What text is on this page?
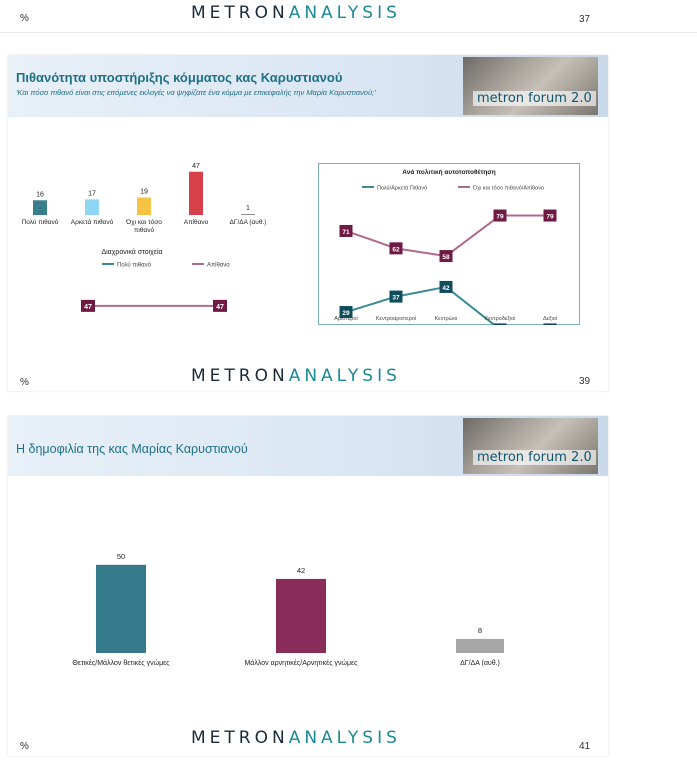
%	METRONANALYSIS	37
Πιθανότητα υποστήριξης κόμματος κας Καρυστιανού
'Και πόσο πιθανό είναι στις επόμενες εκλογές να ψηφίζατε ένα κόμμα με επικεφαλής την Μαρία Καρυστιανού;'	metron forum 2.0
16
Πολύ πιθανό
17
Αρκετά πιθανό
19
Όχι και τόσο
πιθανό
47
Απίθανο
1
ΔΓ/ΔΑ (αυθ.)
Διαχρονικά στοιχεία
Πολύ πιθανό	Απίθανο
47	47
Ανά πολιτική αυτοτοποθέτηση
Πολύ/Αρκετά Πιθανό	Όχι και τόσο πιθανό/Απίθανο
29
37
42
71
62
58
79	79
Αριστεροί	Κεντροαριστεροί	Κεντρώοι	Κεντροδεξιοί	Δεξιοί
%	METRONANALYSIS	39
Η δημοφιλία της κας Μαρίας Καρυστιανού
metron forum 2.0
50
Θετικές/Μάλλον θετικές γνώμες
42
Μάλλον αρνητικές/Αρνητικές γνώμες
8
ΔΓ/ΔΑ (αυθ.)
%	METRONANALYSIS	41
